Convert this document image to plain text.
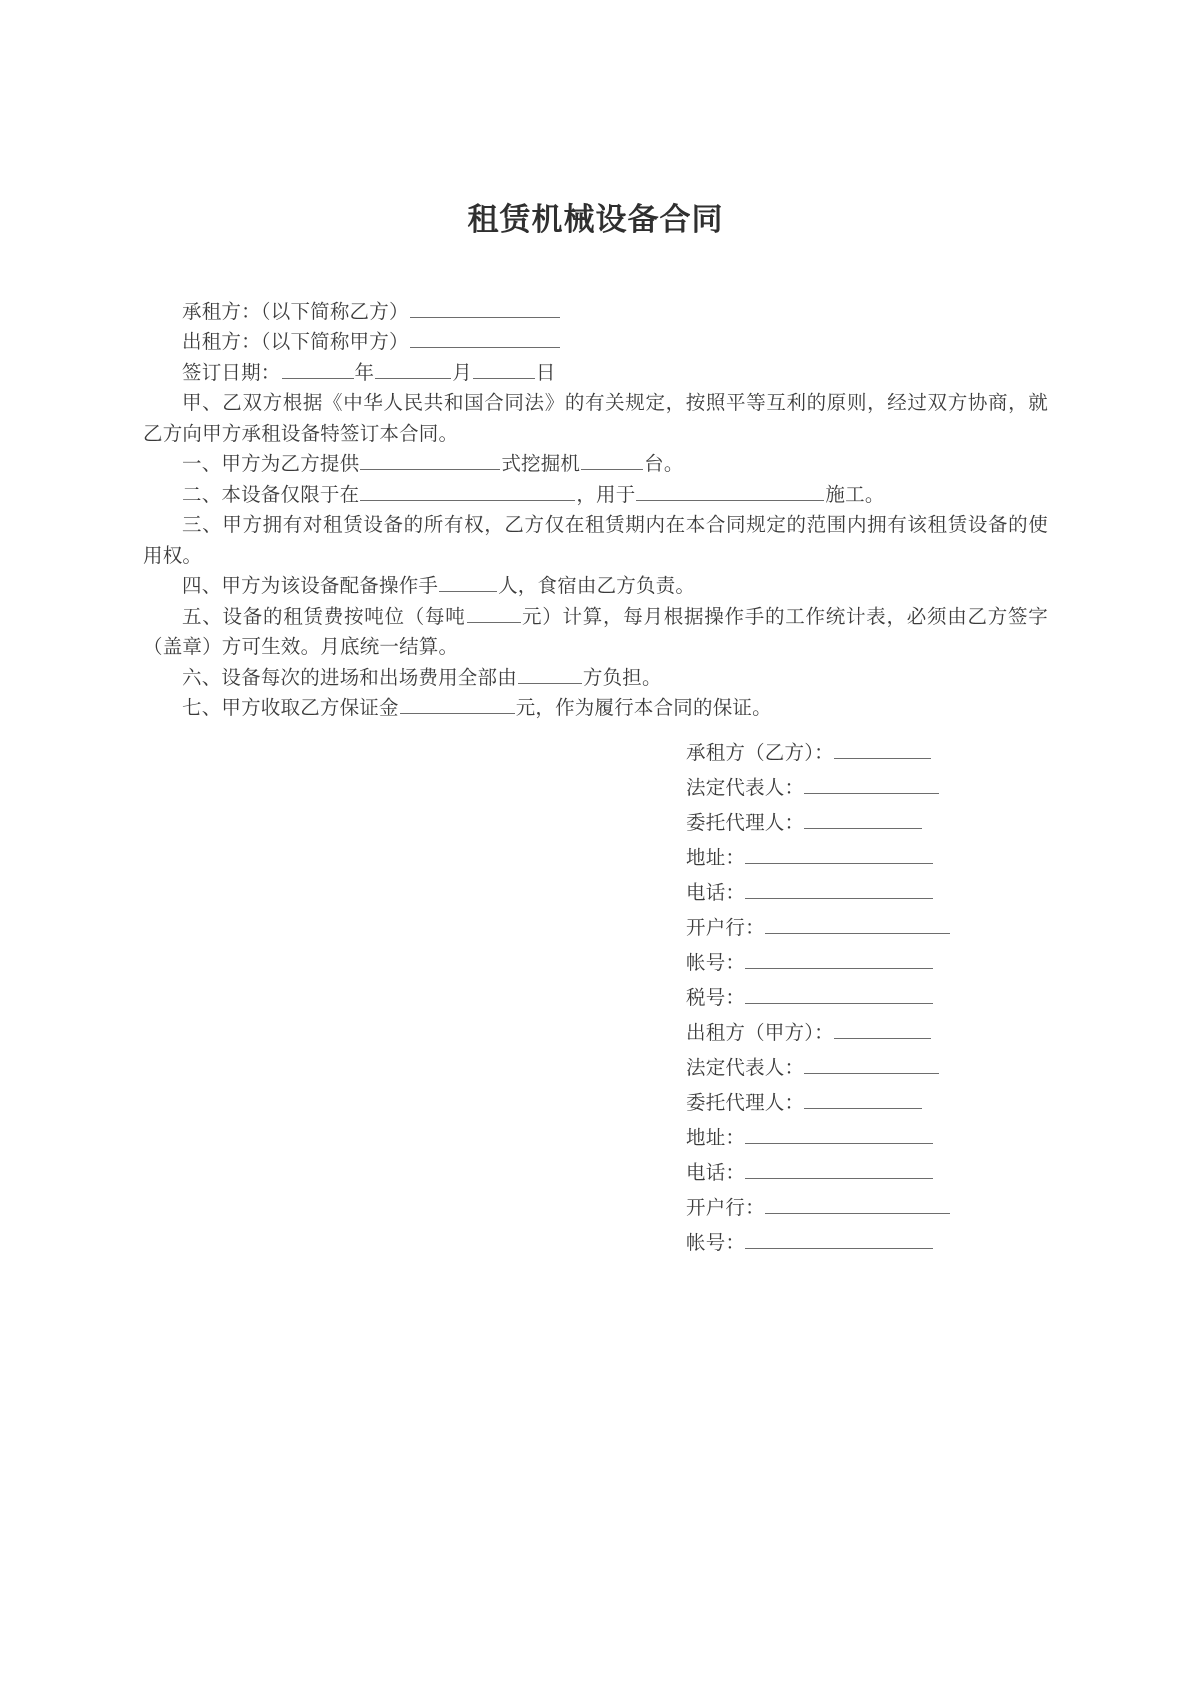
租赁机械设备合同

承租方：（以下简称乙方）

出租方：（以下简称甲方）

签订日期：	年	月	日

甲、乙双方根据《中华人民共和国合同法》的有关规定，按照平等互利的原则，经过双方协商，就乙方向甲方承租设备特签订本合同。

一、甲方为乙方提供	式挖掘机	台。

二、本设备仅限于在	，用于	施工。

三、甲方拥有对租赁设备的所有权，乙方仅在租赁期内在本合同规定的范围内拥有该租赁设备的使用权。

四、甲方为该设备配备操作手	人，食宿由乙方负责。

五、设备的租赁费按吨位（每吨	元）计算，每月根据操作手的工作统计表，必须由乙方签字（盖章）方可生效。月底统一结算。

六、设备每次的进场和出场费用全部由	方负担。

七、甲方收取乙方保证金	元，作为履行本合同的保证。

承租方（乙方）：
法定代表人：
委托代理人：
地址：
电话：
开户行：
帐号：
税号：
出租方（甲方）：
法定代表人：
委托代理人：
地址：
电话：
开户行：
帐号：
